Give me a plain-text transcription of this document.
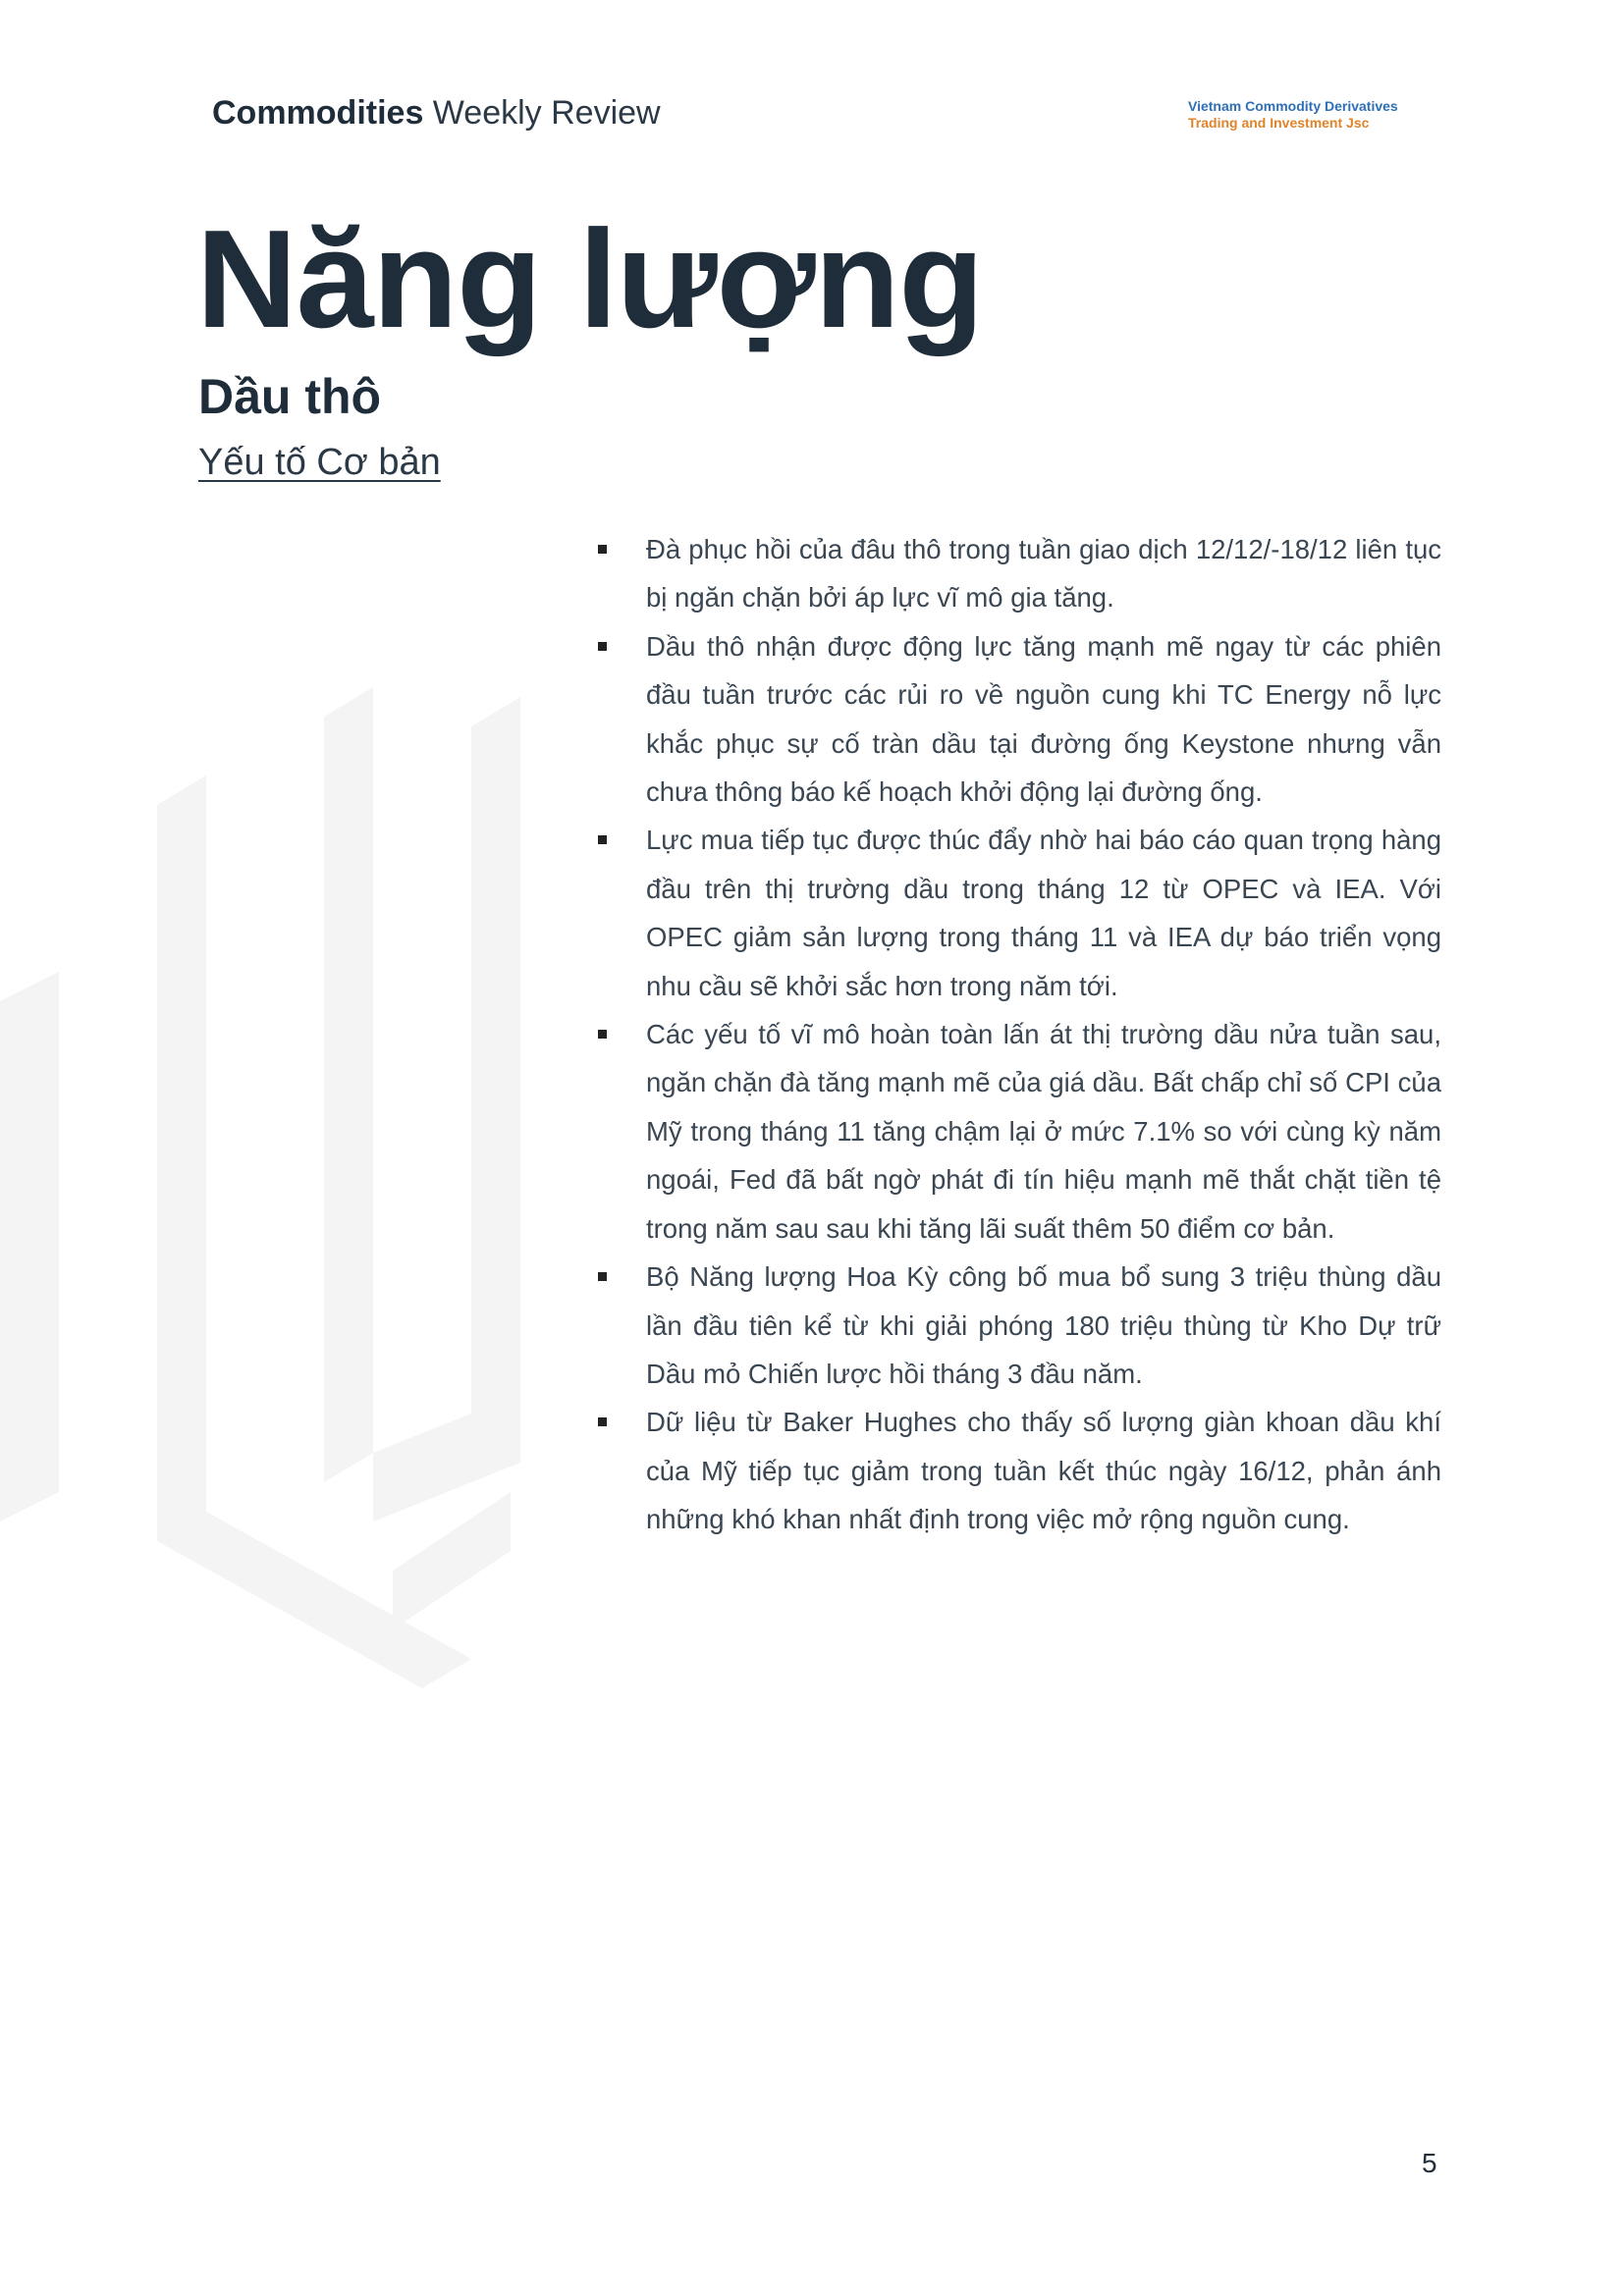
Commodities Weekly Review	Vietnam Commodity Derivatives
Trading and Investment Jsc
Năng lượng
Dầu thô
Yếu tố Cơ bản
Đà phục hồi của đâu thô trong tuần giao dịch 12/12/-18/12 liên tục bị ngăn chặn bởi áp lực vĩ mô gia tăng.
Dầu thô nhận được động lực tăng mạnh mẽ ngay từ các phiên đầu tuần trước các rủi ro về nguồn cung khi TC Energy nỗ lực khắc phục sự cố tràn dầu tại đường ống Keystone nhưng vẫn chưa thông báo kế hoạch khởi động lại đường ống.
Lực mua tiếp tục được thúc đẩy nhờ hai báo cáo quan trọng hàng đầu trên thị trường dầu trong tháng 12 từ OPEC và IEA. Với OPEC giảm sản lượng trong tháng 11 và IEA dự báo triển vọng nhu cầu sẽ khởi sắc hơn trong năm tới.
Các yếu tố vĩ mô hoàn toàn lấn át thị trường dầu nửa tuần sau, ngăn chặn đà tăng mạnh mẽ của giá dầu. Bất chấp chỉ số CPI của Mỹ trong tháng 11 tăng chậm lại ở mức 7.1% so với cùng kỳ năm ngoái, Fed đã bất ngờ phát đi tín hiệu mạnh mẽ thắt chặt tiền tệ trong năm sau sau khi tăng lãi suất thêm 50 điểm cơ bản.
Bộ Năng lượng Hoa Kỳ công bố mua bổ sung 3 triệu thùng dầu lần đầu tiên kể từ khi giải phóng 180 triệu thùng từ Kho Dự trữ Dầu mỏ Chiến lược hồi tháng 3 đầu năm.
Dữ liệu từ Baker Hughes cho thấy số lượng giàn khoan dầu khí của Mỹ tiếp tục giảm trong tuần kết thúc ngày 16/12, phản ánh những khó khan nhất định trong việc mở rộng nguồn cung.
5
